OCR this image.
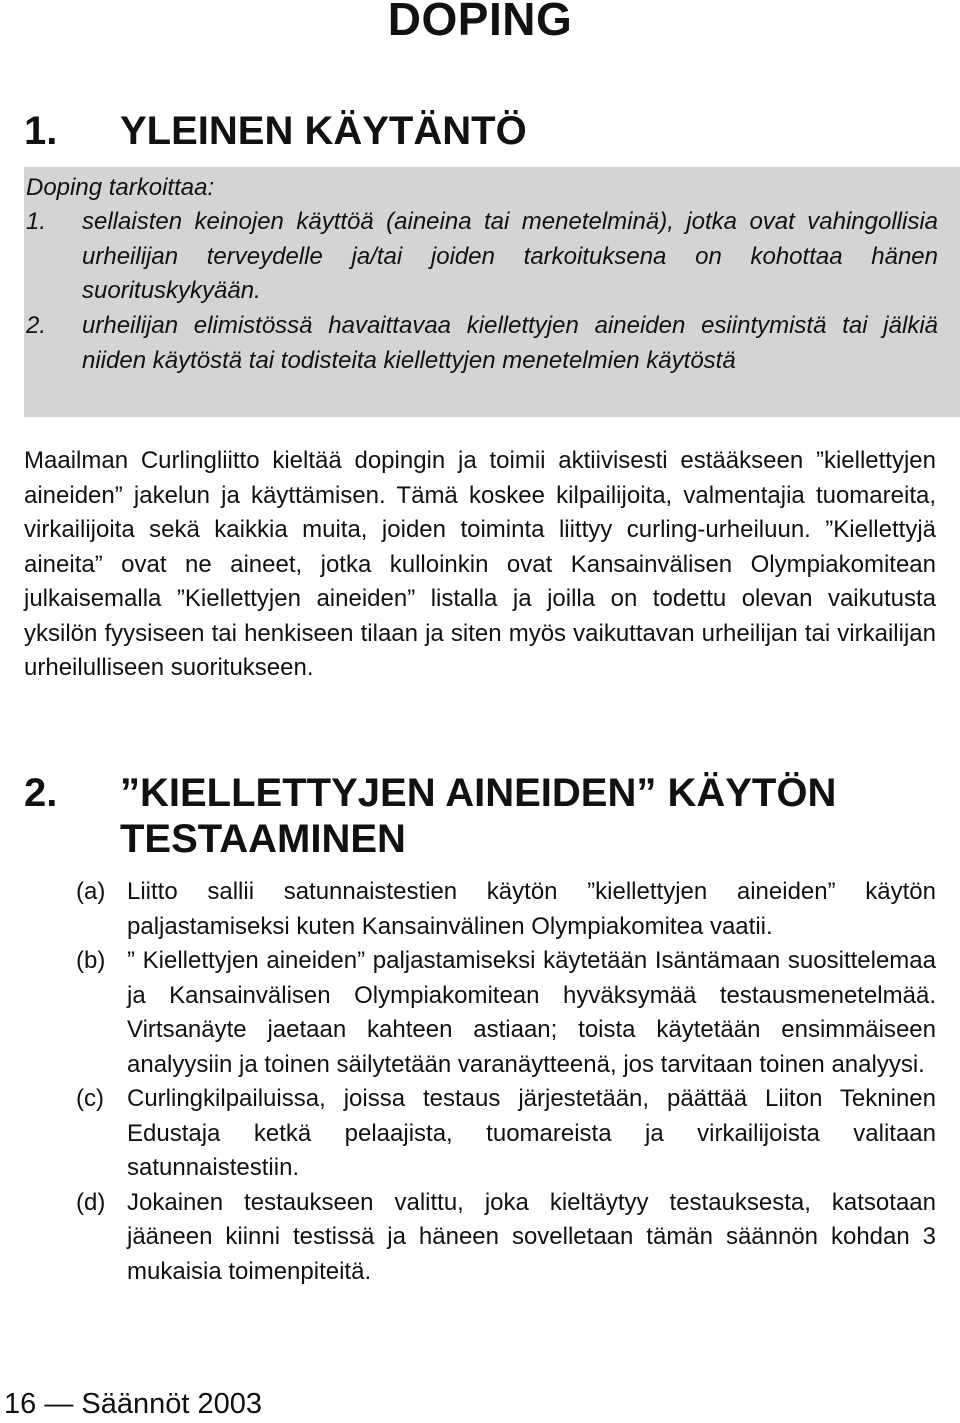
DOPING
1. YLEINEN KÄYTÄNTÖ

Doping tarkoittaa:

1. sellaisten keinojen käyttöä (aineina tai menetelminä), jotka ovat vahingollisia urheilijan terveydelle ja/tai joiden tarkoituksena on kohottaa hänen suorituskykyään.
2. urheilijan elimistössä havaittavaa kiellettyjen aineiden esiintymistä tai jälkiä niiden käytöstä tai todisteita kiellettyjen menetelmien käytöstä

Maailman Curlingliitto kieltää dopingin ja toimii aktiivisesti estääkseen ”kiellettyjen aineiden” jakelun ja käyttämisen. Tämä koskee kilpailijoita, valmentajia tuomareita, virkailijoita sekä kaikkia muita, joiden toiminta liittyy curling-urheiluun. ”Kiellettyjä aineita” ovat ne aineet, jotka kulloinkin ovat Kansainvälisen Olympiakomitean julkaisemalla ”Kiellettyjen aineiden” listalla ja joilla on todettu olevan vaikutusta yksilön fyysiseen tai henkiseen tilaan ja siten myös vaikuttavan urheilijan tai virkailijan urheilulliseen suoritukseen.

2. ”KIELLETTYJEN AINEIDEN” KÄYTÖN TESTAAMINEN
(a) Liitto sallii satunnaistestien käytön ”kiellettyjen aineiden” käytön paljastamiseksi kuten Kansainvälinen Olympiakomitea vaatii.
(b) ” Kiellettyjen aineiden” paljastamiseksi käytetään Isäntämaan suosittelemaa ja Kansainvälisen Olympiakomitean hyväksymää testausmenetelmää. Virtsanäyte jaetaan kahteen astiaan; toista käytetään ensimmäiseen analyysiin ja toinen säilytetään varanäytteenä, jos tarvitaan toinen analyysi.
(c) Curlingkilpailuissa, joissa testaus järjestetään, päättää Liiton Tekninen Edustaja ketkä pelaajista, tuomareista ja virkailijoista valitaan satunnaistestiin.
(d) Jokainen testaukseen valittu, joka kieltäytyy testauksesta, katsotaan jääneen kiinni testissä ja häneen sovelletaan tämän säännön kohdan 3 mukaisia toimenpiteitä.

16 — Säännöt 2003
